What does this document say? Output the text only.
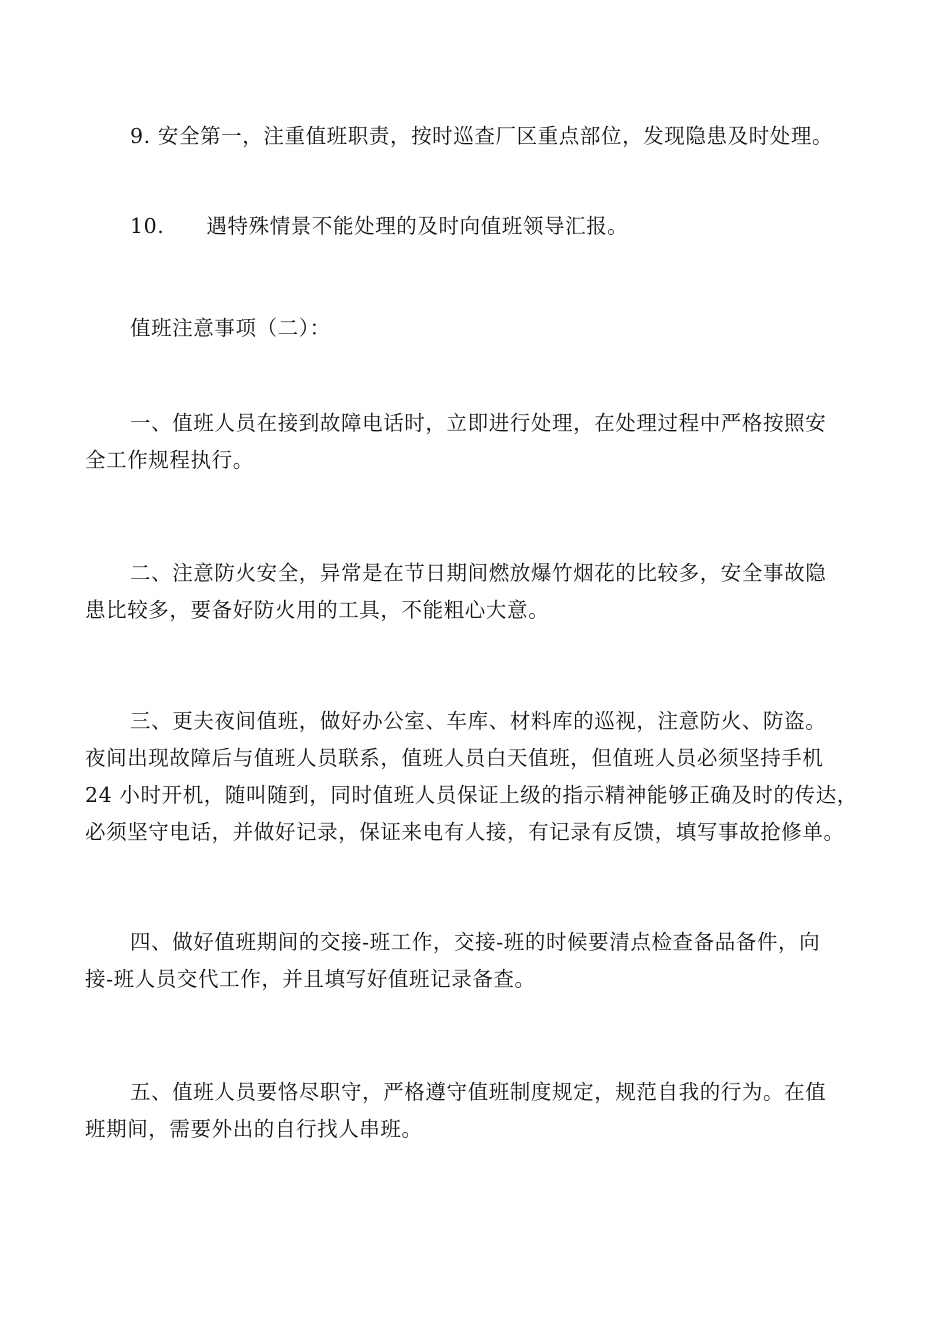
9. 安全第一，注重值班职责，按时巡查厂区重点部位，发现隐患及时处理。

10. 遇特殊情景不能处理的及时向值班领导汇报。

值班注意事项（二）：

一、值班人员在接到故障电话时，立即进行处理，在处理过程中严格按照安
全工作规程执行。

二、注意防火安全，异常是在节日期间燃放爆竹烟花的比较多，安全事故隐
患比较多，要备好防火用的工具，不能粗心大意。

三、更夫夜间值班，做好办公室、车库、材料库的巡视，注意防火、防盗。
夜间出现故障后与值班人员联系，值班人员白天值班，但值班人员必须坚持手机
24 小时开机，随叫随到，同时值班人员保证上级的指示精神能够正确及时的传达，
必须坚守电话，并做好记录，保证来电有人接，有记录有反馈，填写事故抢修单。

四、做好值班期间的交接-班工作，交接-班的时候要清点检查备品备件，向
接-班人员交代工作，并且填写好值班记录备查。

五、值班人员要恪尽职守，严格遵守值班制度规定，规范自我的行为。在值
班期间，需要外出的自行找人串班。
